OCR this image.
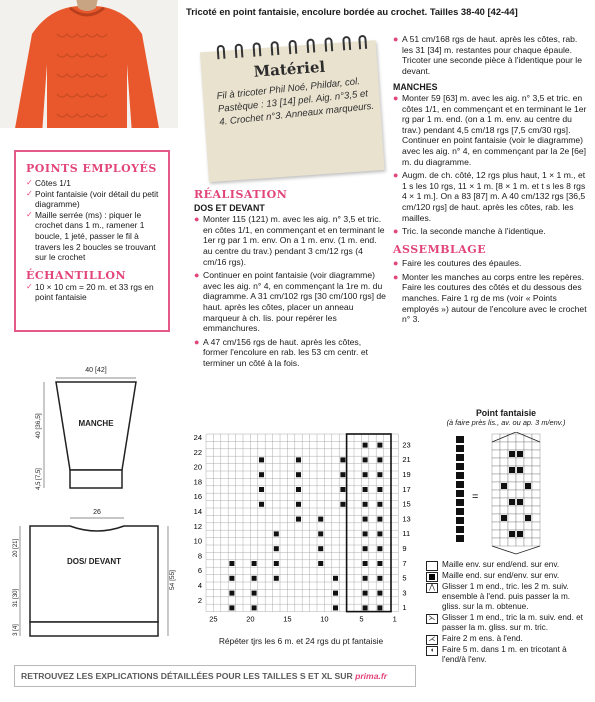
Tricoté en point fantaisie, encolure bordée au crochet. Tailles 38-40 [42-44]
Matériel
Fil à tricoter Phil Noé, Phildar, col. Pastèque : 13 [14] pel. Aig. n°3,5 et 4. Crochet n°3. Anneaux marqueurs.
POINTS EMPLOYÉS
✓ Côtes 1/1
✓ Point fantaisie (voir détail du petit diagramme)
✓ Maille serrée (ms) : piquer le crochet dans 1 m., ramener 1 boucle, 1 jeté, passer le fil à travers les 2 boucles se trouvant sur le crochet
ÉCHANTILLON
✓ 10 × 10 cm = 20 m. et 33 rgs en point fantaisie
RÉALISATION
DOS ET DEVANT
● Monter 115 (121) m. avec les aig. n° 3,5 et tric. en côtes 1/1, en commençant et en terminant le 1er rg par 1 m. env. On a 1 m. env. (1 m. end. au centre du trav.) pendant 3 cm/12 rgs (4 cm/16 rgs).
● Continuer en point fantaisie (voir diagramme) avec les aig. n° 4, en commençant la 1re m. du diagramme. A 31 cm/102 rgs [30 cm/100 rgs] de haut. après les côtes, placer un anneau marqueur à ch. lis. pour repérer les emmanchures.
● A 47 cm/156 rgs de haut. après les côtes, former l'encolure en rab. les 53 cm centr. et terminer un côté à la fois.
● A 51 cm/168 rgs de haut. après les côtes, rab. les 31 [34] m. restantes pour chaque épaule. Tricoter une seconde pièce à l'identique pour le devant.
MANCHES
● Monter 59 [63] m. avec les aig. n° 3,5 et tric. en côtes 1/1, en commençant et en terminant le 1er rg par 1 m. end. (on a 1 m. env. au centre du trav.) pendant 4,5 cm/18 rgs [7,5 cm/30 rgs]. Continuer en point fantaisie (voir le diagramme) avec les aig. n° 4, en commençant par la 2e [6e] m. du diagramme.
● Augm. de ch. côté, 12 rgs plus haut, 1 × 1 m., et 1 s les 10 rgs, 11 × 1 m. [8 × 1 m. et t s les 8 rgs 4 × 1 m.]. On a 83 [87] m. A 40 cm/132 rgs [36,5 cm/120 rgs] de haut. après les côtes, rab. les mailles.
● Tric. la seconde manche à l'identique.
ASSEMBLAGE
● Faire les coutures des épaules.
● Monter les manches au corps entre les repères. Faire les coutures des côtés et du dessous des manches. Faire 1 rg de ms (voir « Points employés ») autour de l'encolure avec le crochet n° 3.
40 [42]
MANCHE
40 [36,5]
4,5 [7,5]
26
DOS/ DEVANT
20 [21]
31 [30]
3 [4]
54 [55]
24
22
20
18
16
14
12
10
8
6
4
2
23
21
19
17
15
13
11
9
7
5
3
1
25	20	15	10	5	1
Répéter tjrs les 6 m. et 24 rgs du pt fantaisie
Point fantaisie
(à faire près lis., av. ou ap. 3 m/env.)
=
Maille env. sur end/end. sur env.
Maille end. sur end/env. sur env.
⋀ Glisser 1 m end., tric. les 2 m. suiv. ensemble à l'end. puis passer la m. gliss. sur la m. obtenue.
⋋ Glisser 1 m end., tric la m. suiv. end. et passer la m. gliss. sur m. tric.
⋌ Faire 2 m ens. à l'end.
◖ Faire 5 m. dans 1 m. en tricotant à l'end/à l'env.
RETROUVEZ LES EXPLICATIONS DÉTAILLÉES POUR LES TAILLES S ET XL SUR prima.fr
